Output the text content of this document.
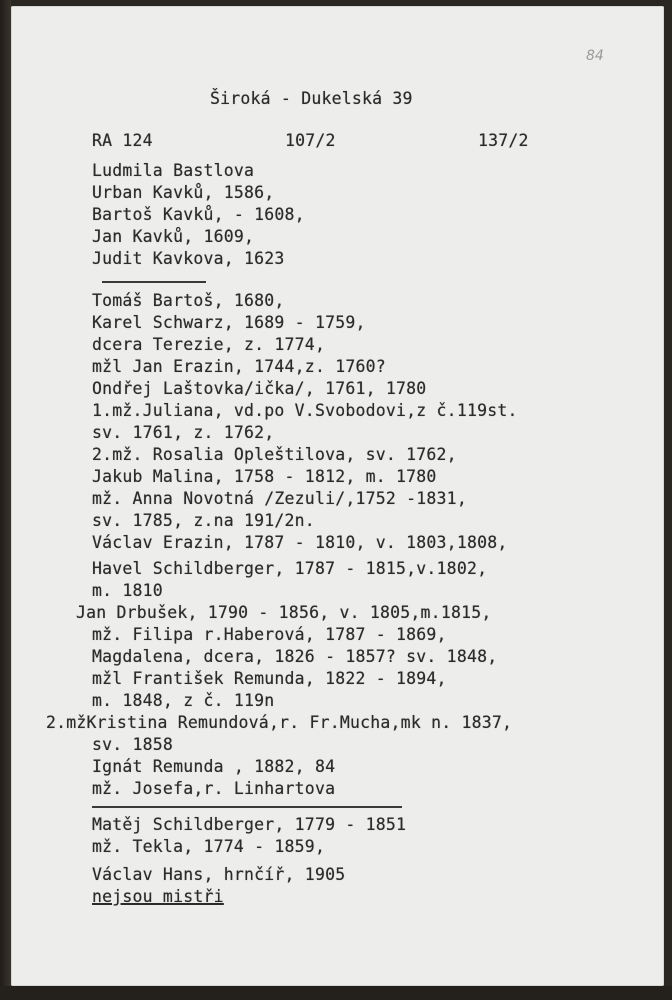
84
Široká - Dukelská 39
RA 124	107/2	137/2
Ludmila Bastlova
Urban Kavků, 1586,
Bartoš Kavků, - 1608,
Jan Kavků, 1609,
Judit Kavkova, 1623
Tomáš Bartoš, 1680,
Karel Schwarz, 1689 - 1759,
dcera Terezie, z. 1774,
mžl Jan Erazin, 1744,z. 1760?
Ondřej Laštovka/ička/, 1761, 1780
1.mž.Juliana, vd.po V.Svobodovi,z č.119st.
sv. 1761, z. 1762,
2.mž. Rosalia Opleštilova, sv. 1762,
Jakub Malina, 1758 - 1812, m. 1780
mž. Anna Novotná /Zezuli/,1752 -1831,
sv. 1785, z.na 191/2n.
Václav Erazin, 1787 - 1810, v. 1803,1808,
Havel Schildberger, 1787 - 1815,v.1802,
m. 1810
Jan Drbušek, 1790 - 1856, v. 1805,m.1815,
mž. Filipa r.Haberová, 1787 - 1869,
Magdalena, dcera, 1826 - 1857? sv. 1848,
mžl František Remunda, 1822 - 1894,
m. 1848, z č. 119n
2.mžKristina Remundová,r. Fr.Mucha,mk n. 1837,
sv. 1858
Ignát Remunda , 1882, 84
mž. Josefa,r. Linhartova
Matěj Schildberger, 1779 - 1851
mž. Tekla, 1774 - 1859,
Václav Hans, hrnčíř, 1905
nejsou mistři
